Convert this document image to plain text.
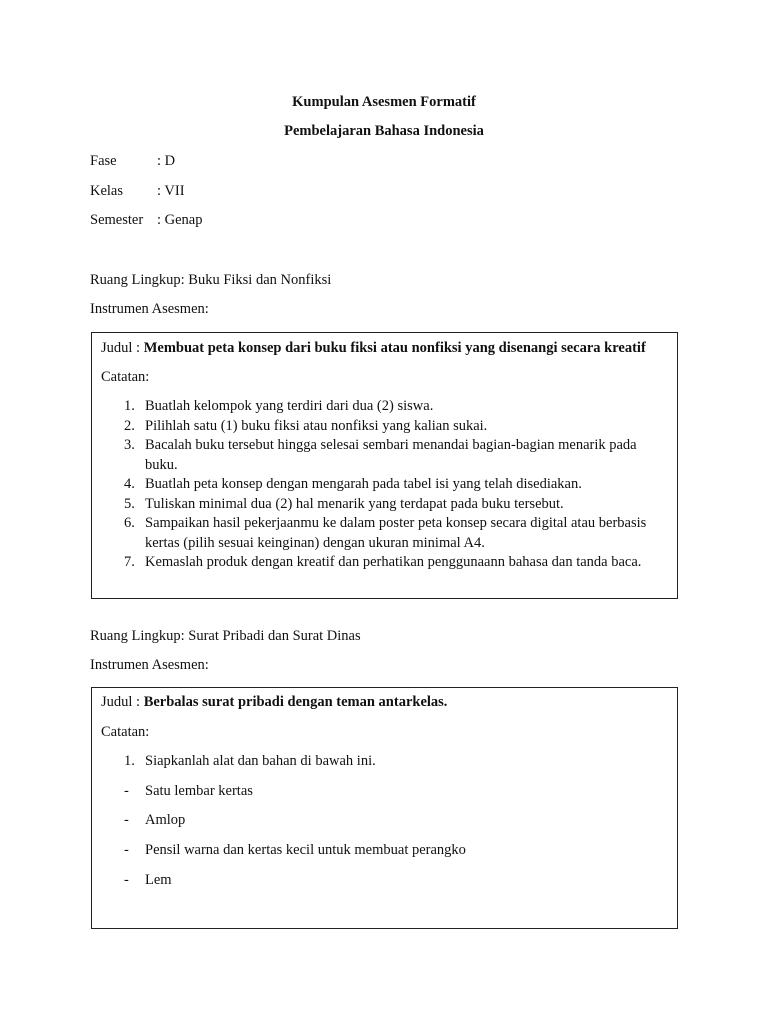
Kumpulan Asesmen Formatif
Pembelajaran Bahasa Indonesia
Fase	: D
Kelas : VII
Semester : Genap
Ruang Lingkup: Buku Fiksi dan Nonfiksi
Instrumen Asesmen:
Judul : Membuat peta konsep dari buku fiksi atau nonfiksi yang disenangi secara kreatif
Catatan:
1. Buatlah kelompok yang terdiri dari dua (2) siswa.
2. Pilihlah satu (1) buku fiksi atau nonfiksi yang kalian sukai.
3. Bacalah buku tersebut hingga selesai sembari menandai bagian-bagian menarik pada buku.
4. Buatlah peta konsep dengan mengarah pada tabel isi yang telah disediakan.
5. Tuliskan minimal dua (2) hal menarik yang terdapat pada buku tersebut.
6. Sampaikan hasil pekerjaanmu ke dalam poster peta konsep secara digital atau berbasis kertas (pilih sesuai keinginan) dengan ukuran minimal A4.
7. Kemaslah produk dengan kreatif dan perhatikan penggunaann bahasa dan tanda baca.
Ruang Lingkup: Surat Pribadi dan Surat Dinas
Instrumen Asesmen:
Judul : Berbalas surat pribadi dengan teman antarkelas.
Catatan:
1. Siapkanlah alat dan bahan di bawah ini.
- Satu lembar kertas
- Amlop
- Pensil warna dan kertas kecil untuk membuat perangko
- Lem
